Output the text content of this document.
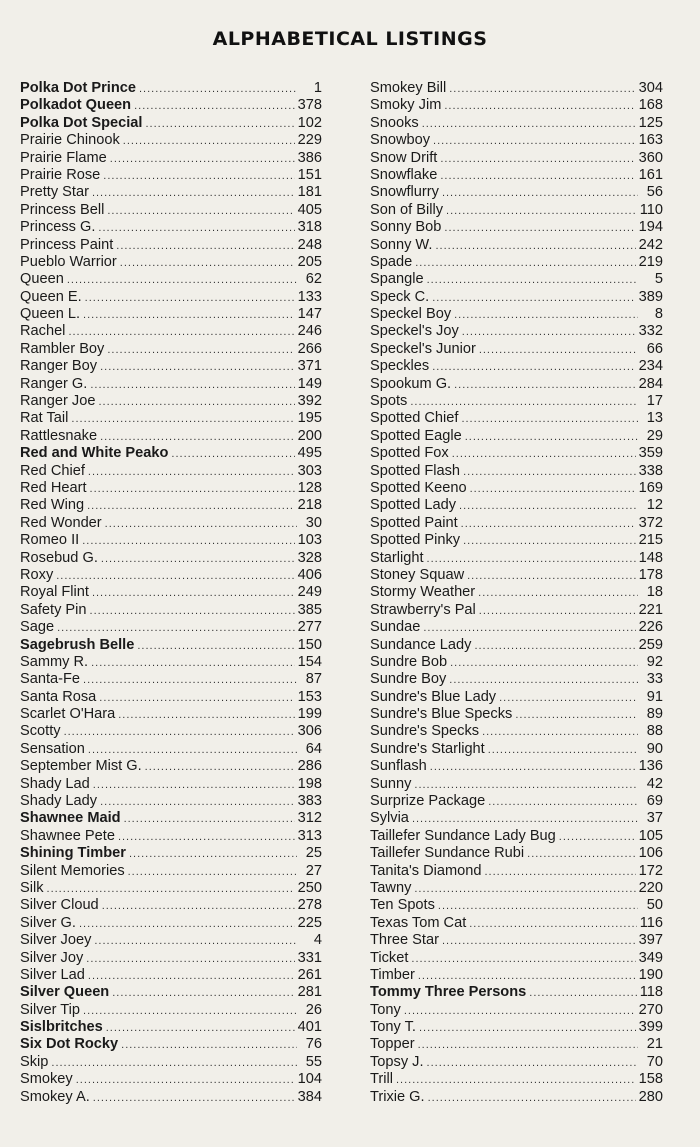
ALPHABETICAL LISTINGS
Polka Dot Prince .....	1
Polkadot Queen .....	378
Polka Dot Special .....	102
Prairie Chinook .....	229
Prairie Flame .....	386
Prairie Rose .....	151
Pretty Star .....	181
Princess Bell .....	405
Princess G. .....	318
Princess Paint .....	248
Pueblo Warrior .....	205
Queen .....	62
Queen E. .....	133
Queen L. .....	147
Rachel .....	246
Rambler Boy .....	266
Ranger Boy .....	371
Ranger G. .....	149
Ranger Joe .....	392
Rat Tail .....	195
Rattlesnake .....	200
Red and White Peako .....	495
Red Chief .....	303
Red Heart .....	128
Red Wing .....	218
Red Wonder .....	30
Romeo II .....	103
Rosebud G. .....	328
Roxy .....	406
Royal Flint .....	249
Safety Pin .....	385
Sage .....	277
Sagebrush Belle .....	150
Sammy R. .....	154
Santa-Fe .....	87
Santa Rosa .....	153
Scarlet O'Hara .....	199
Scotty .....	306
Sensation .....	64
September Mist G. .....	286
Shady Lad .....	198
Shady Lady .....	383
Shawnee Maid .....	312
Shawnee Pete .....	313
Shining Timber .....	25
Silent Memories .....	27
Silk .....	250
Silver Cloud .....	278
Silver G. .....	225
Silver Joey .....	4
Silver Joy .....	331
Silver Lad .....	261
Silver Queen .....	281
Silver Tip .....	26
Sislbritches .....	401
Six Dot Rocky .....	76
Skip .....	55
Smokey .....	104
Smokey A. .....	384
Smokey Bill .....	304
Smoky Jim .....	168
Snooks .....	125
Snowboy .....	163
Snow Drift .....	360
Snowflake .....	161
Snowflurry .....	56
Son of Billy .....	110
Sonny Bob .....	194
Sonny W. .....	242
Spade .....	219
Spangle .....	5
Speck C. .....	389
Speckel Boy .....	8
Speckel's Joy .....	332
Speckel's Junior .....	66
Speckles .....	234
Spookum G. .....	284
Spots .....	17
Spotted Chief .....	13
Spotted Eagle .....	29
Spotted Fox .....	359
Spotted Flash .....	338
Spotted Keeno .....	169
Spotted Lady .....	12
Spotted Paint .....	372
Spotted Pinky .....	215
Starlight .....	148
Stoney Squaw .....	178
Stormy Weather .....	18
Strawberry's Pal .....	221
Sundae .....	226
Sundance Lady .....	259
Sundre Bob .....	92
Sundre Boy .....	33
Sundre's Blue Lady .....	91
Sundre's Blue Specks .....	89
Sundre's Specks .....	88
Sundre's Starlight .....	90
Sunflash .....	136
Sunny .....	42
Surprize Package .....	69
Sylvia .....	37
Taillefer Sundance Lady Bug .....	105
Taillefer Sundance Rubi .....	106
Tanita's Diamond .....	172
Tawny .....	220
Ten Spots .....	50
Texas Tom Cat .....	116
Three Star .....	397
Ticket .....	349
Timber .....	190
Tommy Three Persons .....	118
Tony .....	270
Tony T. .....	399
Topper .....	21
Topsy J. .....	70
Trill .....	158
Trixie G. .....	280
